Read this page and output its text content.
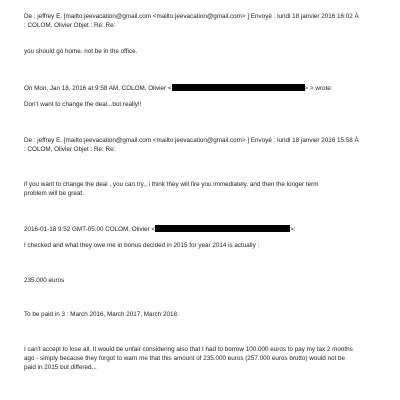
De : jeffrey E. [mailto:jeevacation@gmail.com <mailto:jeevacation@gmail.com> ] Envoyé : lundi 18 janvier 2016 16:02 À
: COLOM, Olivier Objet : Re: Re:
you should go home. not be in the office.
On Mon, Jan 18, 2016 at 9:58 AM, COLOM, Olivier <	> > wrote:
Don't want to change the deal...but really!!
De : jeffrey E. [mailto:jeevacation@gmail.com <mailto:jeevacation@gmail.com> ] Envoyé : lundi 18 janvier 2016 15:58 À
: COLOM, Olivier Objet : Re: Re:
if you want to change the deal , you can try., i think they will fire you immediately. and then the longer term
problem will be great.
2016-01-18 9:52 GMT-05:00 COLOM, Olivier <	>:
I checked and what they owe me in bonus decided in 2015 for year 2014 is actually :
235.000 euros
To be paid in 3 : March 2016, March 2017, March 2018.
I can't accept to lose all. It would be unfair considering also that I had to borrow 100.000 euros to pay my tax 2 months
ago - simply because they forgot to warn me that this amount of 235.000 euros (257.000 euros brutto) would not be
paid in 2015 but differed...
